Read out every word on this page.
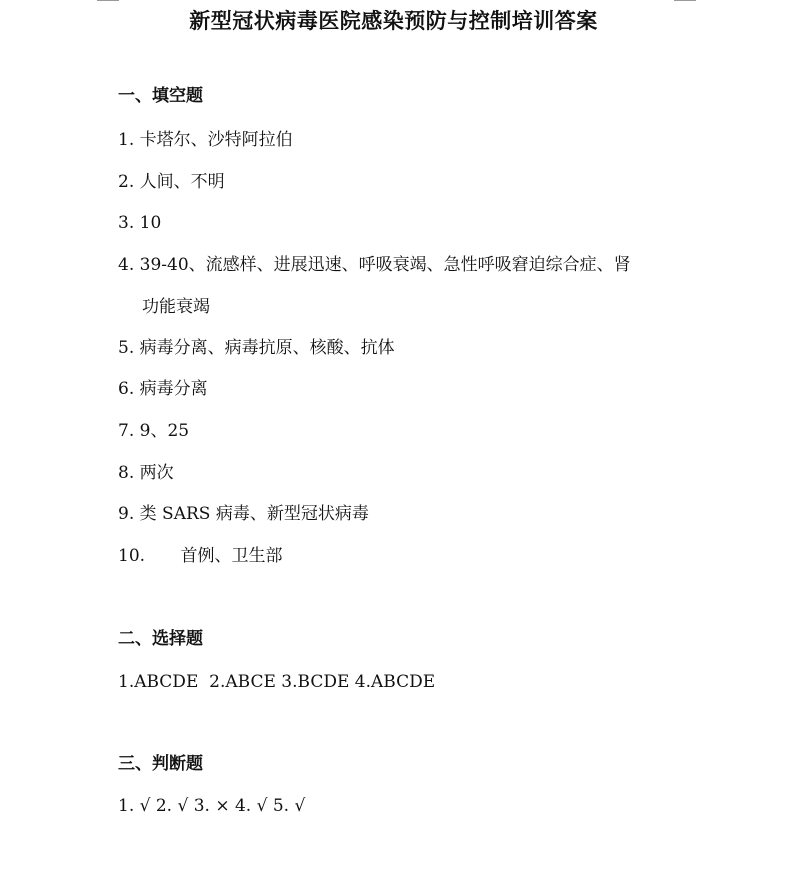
新型冠状病毒医院感染预防与控制培训答案
一、填空题
1. 卡塔尔、沙特阿拉伯
2. 人间、不明
3. 10
4. 39-40、流感样、进展迅速、呼吸衰竭、急性呼吸窘迫综合症、肾
功能衰竭
5. 病毒分离、病毒抗原、核酸、抗体
6. 病毒分离
7. 9、25
8. 两次
9. 类 SARS 病毒、新型冠状病毒
10. 首例、卫生部
二、选择题
1.ABCDE  2.ABCE 3.BCDE 4.ABCDE
三、判断题
1. √ 2. √ 3. × 4. √ 5. √
